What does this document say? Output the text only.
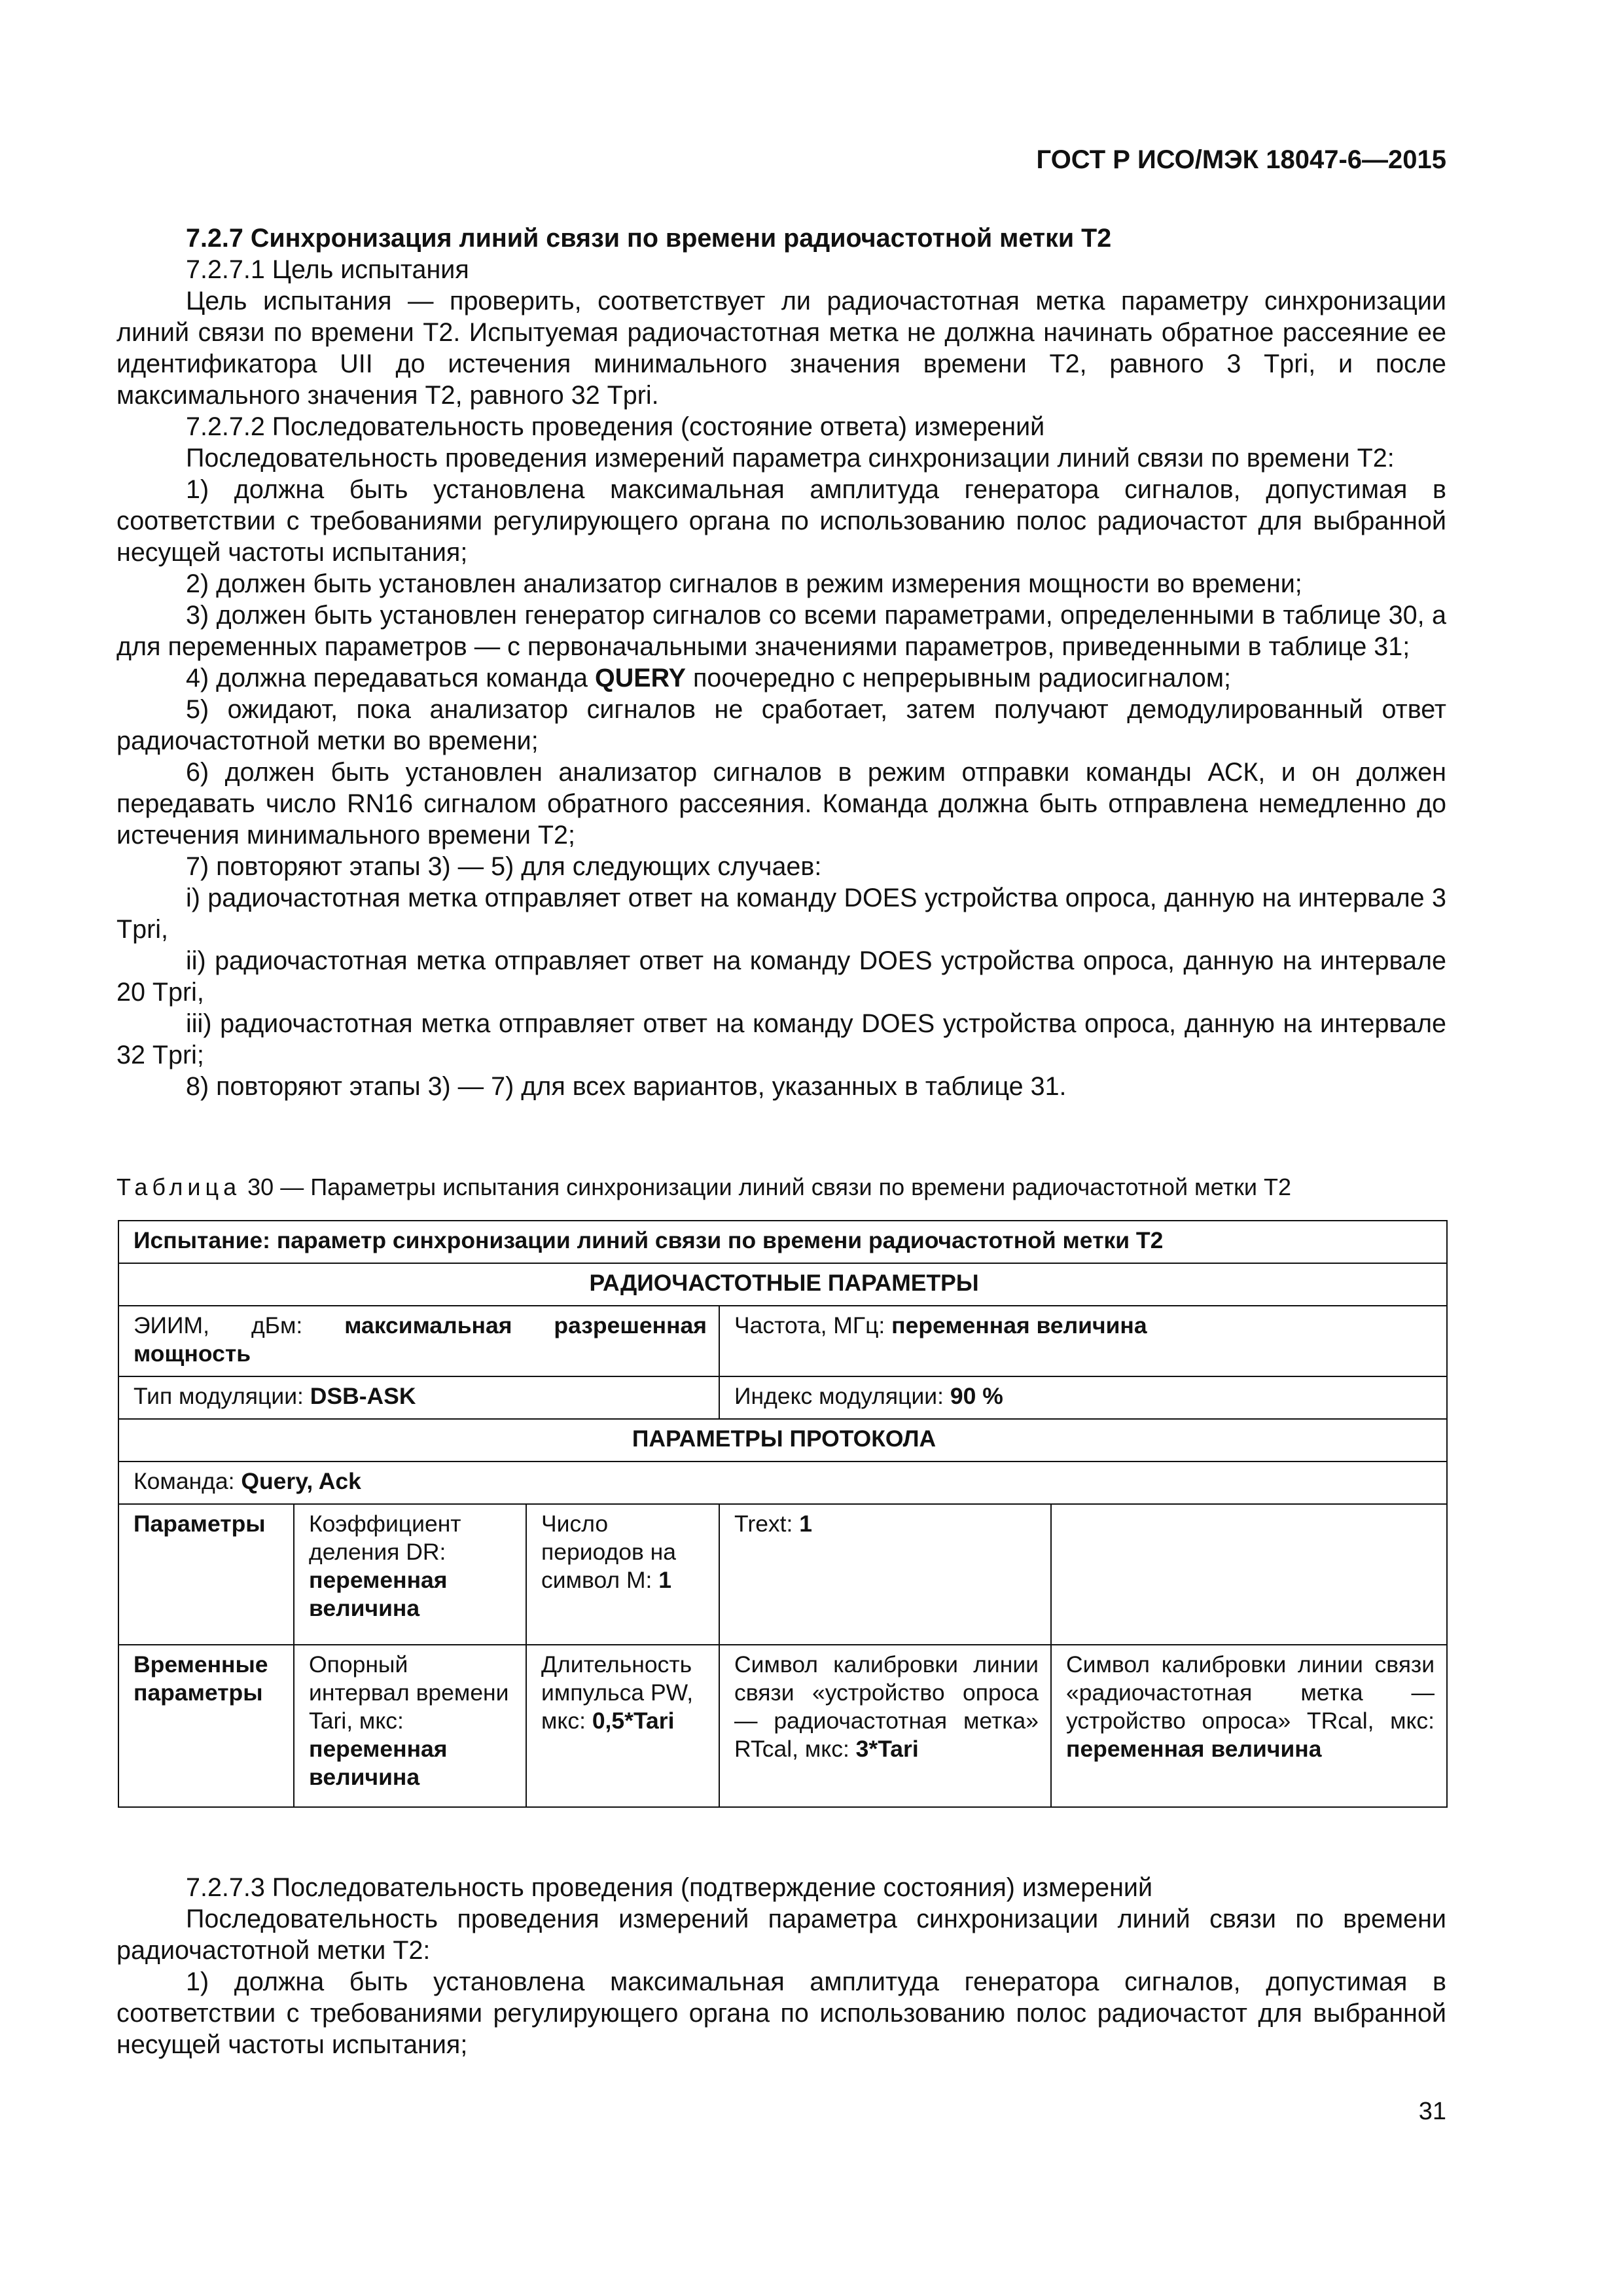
ГОСТ Р ИСО/МЭК 18047-6—2015

7.2.7 Синхронизация линий связи по времени радиочастотной метки T2

7.2.7.1 Цель испытания

Цель испытания — проверить, соответствует ли радиочастотная метка параметру синхронизации линий связи по времени T2. Испытуемая радиочастотная метка не должна начинать обратное рассеяние ее идентификатора UII до истечения минимального значения времени T2, равного 3 Tpri, и после максимального значения T2, равного 32 Tpri.

7.2.7.2 Последовательность проведения (состояние ответа) измерений

Последовательность проведения измерений параметра синхронизации линий связи по времени T2:

1) должна быть установлена максимальная амплитуда генератора сигналов, допустимая в соответствии с требованиями регулирующего органа по использованию полос радиочастот для выбранной несущей частоты испытания;

2) должен быть установлен анализатор сигналов в режим измерения мощности во времени;

3) должен быть установлен генератор сигналов со всеми параметрами, определенными в таблице 30, а для переменных параметров — с первоначальными значениями параметров, приведенными в таблице 31;

4) должна передаваться команда QUERY поочередно с непрерывным радиосигналом;

5) ожидают, пока анализатор сигналов не сработает, затем получают демодулированный ответ радиочастотной метки во времени;

6) должен быть установлен анализатор сигналов в режим отправки команды АСК, и он должен передавать число RN16 сигналом обратного рассеяния. Команда должна быть отправлена немедленно до истечения минимального времени T2;

7) повторяют этапы 3) — 5) для следующих случаев:

i) радиочастотная метка отправляет ответ на команду DOES устройства опроса, данную на интервале 3 Tpri,

ii) радиочастотная метка отправляет ответ на команду DOES устройства опроса, данную на интервале 20 Tpri,

iii) радиочастотная метка отправляет ответ на команду DOES устройства опроса, данную на интервале 32 Tpri;

8) повторяют этапы 3) — 7) для всех вариантов, указанных в таблице 31.

Таблица 30 — Параметры испытания синхронизации линий связи по времени радиочастотной метки T2
Испытание: параметр синхронизации линий связи по времени радиочастотной метки T2				
РАДИОЧАСТОТНЫЕ ПАРАМЕТРЫ				
ЭИИМ, дБм: максимальная разрешенная мощность			Частота, МГц: переменная величина	
Тип модуляции: DSB-ASK			Индекс модуляции: 90 %	
ПАРАМЕТРЫ ПРОТОКОЛА				
Команда: Query, Ack				
Параметры	Коэффициент деления DR: переменная величина	Число периодов на символ М: 1	Trext: 1	
Временные параметры	Опорный интервал времени Tari, мкс: переменная величина	Длительность импульса PW, мкс: 0,5*Tari	Символ калибровки линии связи «устройство опроса — радиочастотная метка» RTcal, мкс: 3*Tari	Символ калибровки линии связи «радиочастотная метка — устройство опроса» TRcal, мкс: переменная величина

7.2.7.3 Последовательность проведения (подтверждение состояния) измерений

Последовательность проведения измерений параметра синхронизации линий связи по времени радиочастотной метки T2:

1) должна быть установлена максимальная амплитуда генератора сигналов, допустимая в соответствии с требованиями регулирующего органа по использованию полос радиочастот для выбранной несущей частоты испытания;

31
